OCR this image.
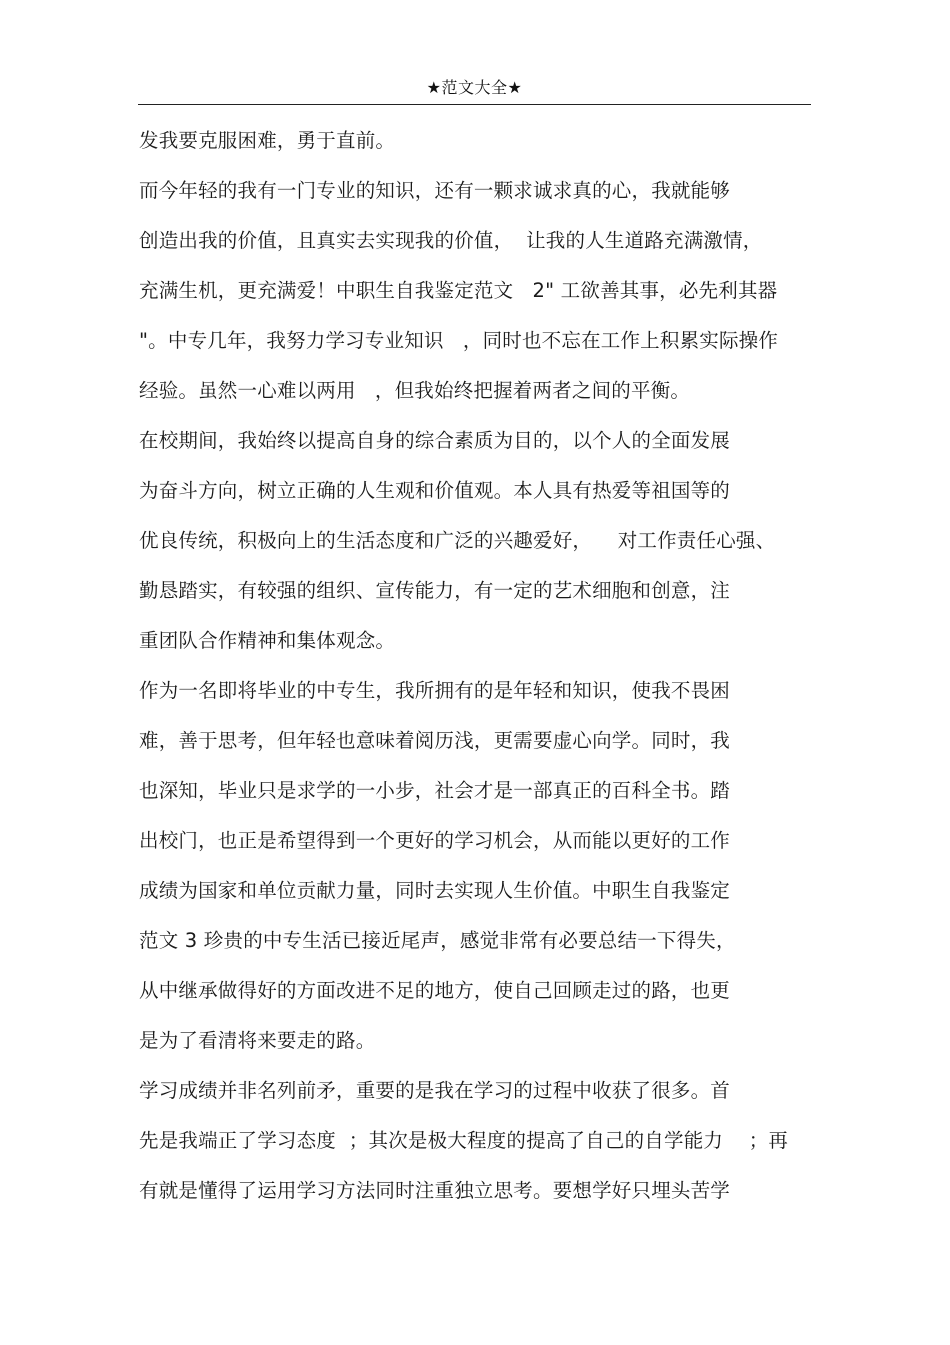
★范文大全★
发我要克服困难，勇于直前。
而今年轻的我有一门专业的知识，还有一颗求诚求真的心，我就能够
创造出我的价值，且真实去实现我的价值，  让我的人生道路充满激情，
充满生机，更充满爱！中职生自我鉴定范文   2" 工欲善其事，必先利其器
"。中专几年，我努力学习专业知识   ，同时也不忘在工作上积累实际操作
经验。虽然一心难以两用   ，但我始终把握着两者之间的平衡。
在校期间，我始终以提高自身的综合素质为目的，以个人的全面发展
为奋斗方向，树立正确的人生观和价值观。本人具有热爱等祖国等的
优良传统，积极向上的生活态度和广泛的兴趣爱好，    对工作责任心强、
勤恳踏实，有较强的组织、宣传能力，有一定的艺术细胞和创意，注
重团队合作精神和集体观念。
作为一名即将毕业的中专生，我所拥有的是年轻和知识，使我不畏困
难，善于思考，但年轻也意味着阅历浅，更需要虚心向学。同时，我
也深知，毕业只是求学的一小步，社会才是一部真正的百科全书。踏
出校门，也正是希望得到一个更好的学习机会，从而能以更好的工作
成绩为国家和单位贡献力量，同时去实现人生价值。中职生自我鉴定
范文 3 珍贵的中专生活已接近尾声，感觉非常有必要总结一下得失，
从中继承做得好的方面改进不足的地方，使自己回顾走过的路，也更
是为了看清将来要走的路。
学习成绩并非名列前矛，重要的是我在学习的过程中收获了很多。首
先是我端正了学习态度  ；其次是极大程度的提高了自己的自学能力    ；再
有就是懂得了运用学习方法同时注重独立思考。要想学好只埋头苦学
